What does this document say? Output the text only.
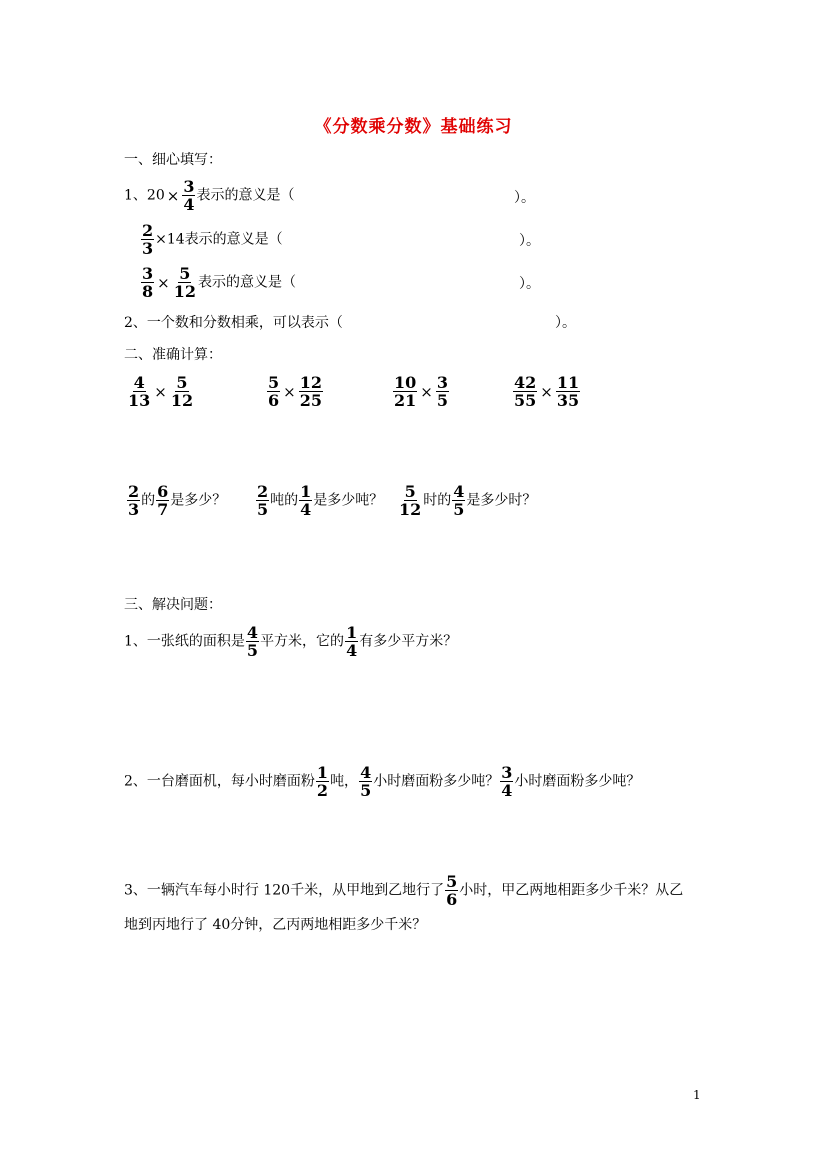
《分数乘分数》基础练习
一、细心填写：
1、$20 \times \frac{3}{4}$ 表示的意义是（	）。
$\frac{2}{3} \times 14$表示的意义是（	）。
$\frac{3}{8} \times \frac{5}{12}$ 表示的意义是（	）。
2、一个数和分数相乘，可以表示（	）。
二、准确计算：
$\frac{4}{13} \times \frac{5}{12}$	$\frac{5}{6} \times \frac{12}{25}$	$\frac{10}{21} \times \frac{3}{5}$	$\frac{42}{55} \times \frac{11}{35}$
$\frac{2}{3}$ 的 $\frac{6}{7}$ 是多少？ $\frac{2}{5}$ 吨的 $\frac{1}{4}$ 是多少吨？ $\frac{5}{12}$ 时的 $\frac{4}{5}$ 是多少时？
三、解决问题：
1、一张纸的面积是 $\frac{4}{5}$ 平方米，它的 $\frac{1}{4}$ 有多少平方米？
2、一台磨面机，每小时磨面粉 $\frac{1}{2}$ 吨， $\frac{4}{5}$ 小时磨面粉多少吨？ $\frac{3}{4}$ 小时磨面粉多少吨？
3、一辆汽车每小时行 120千米，从甲地到乙地行了 $\frac{5}{6}$ 小时，甲乙两地相距多少千米？从乙
地到丙地行了 40分钟，乙丙两地相距多少千米？
1
